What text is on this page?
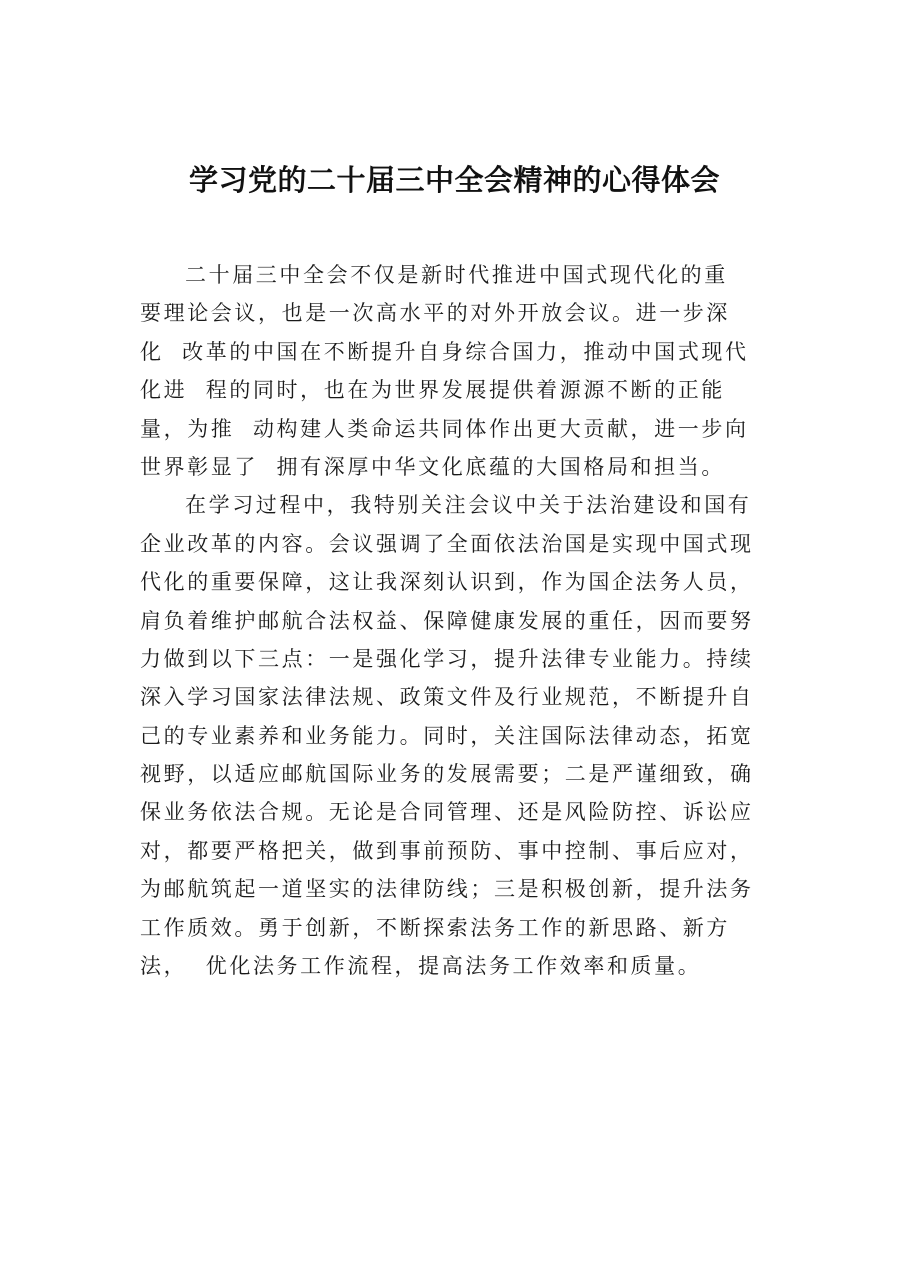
学习党的二十届三中全会精神的心得体会
二十届三中全会不仅是新时代推进中国式现代化的重
要理论会议，也是一次高水平的对外开放会议。进一步深
化  改革的中国在不断提升自身综合国力，推动中国式现代
化进  程的同时，也在为世界发展提供着源源不断的正能
量，为推  动构建人类命运共同体作出更大贡献，进一步向
世界彰显了  拥有深厚中华文化底蕴的大国格局和担当。
在学习过程中，我特别关注会议中关于法治建设和国有
企业改革的内容。会议强调了全面依法治国是实现中国式现
代化的重要保障，这让我深刻认识到，作为国企法务人员，
肩负着维护邮航合法权益、保障健康发展的重任，因而要努
力做到以下三点：一是强化学习，提升法律专业能力。持续
深入学习国家法律法规、政策文件及行业规范，不断提升自
己的专业素养和业务能力。同时，关注国际法律动态，拓宽
视野，以适应邮航国际业务的发展需要；二是严谨细致，确
保业务依法合规。无论是合同管理、还是风险防控、诉讼应
对，都要严格把关，做到事前预防、事中控制、事后应对，
为邮航筑起一道坚实的法律防线；三是积极创新，提升法务
工作质效。勇于创新，不断探索法务工作的新思路、新方
法，  优化法务工作流程，提高法务工作效率和质量。
